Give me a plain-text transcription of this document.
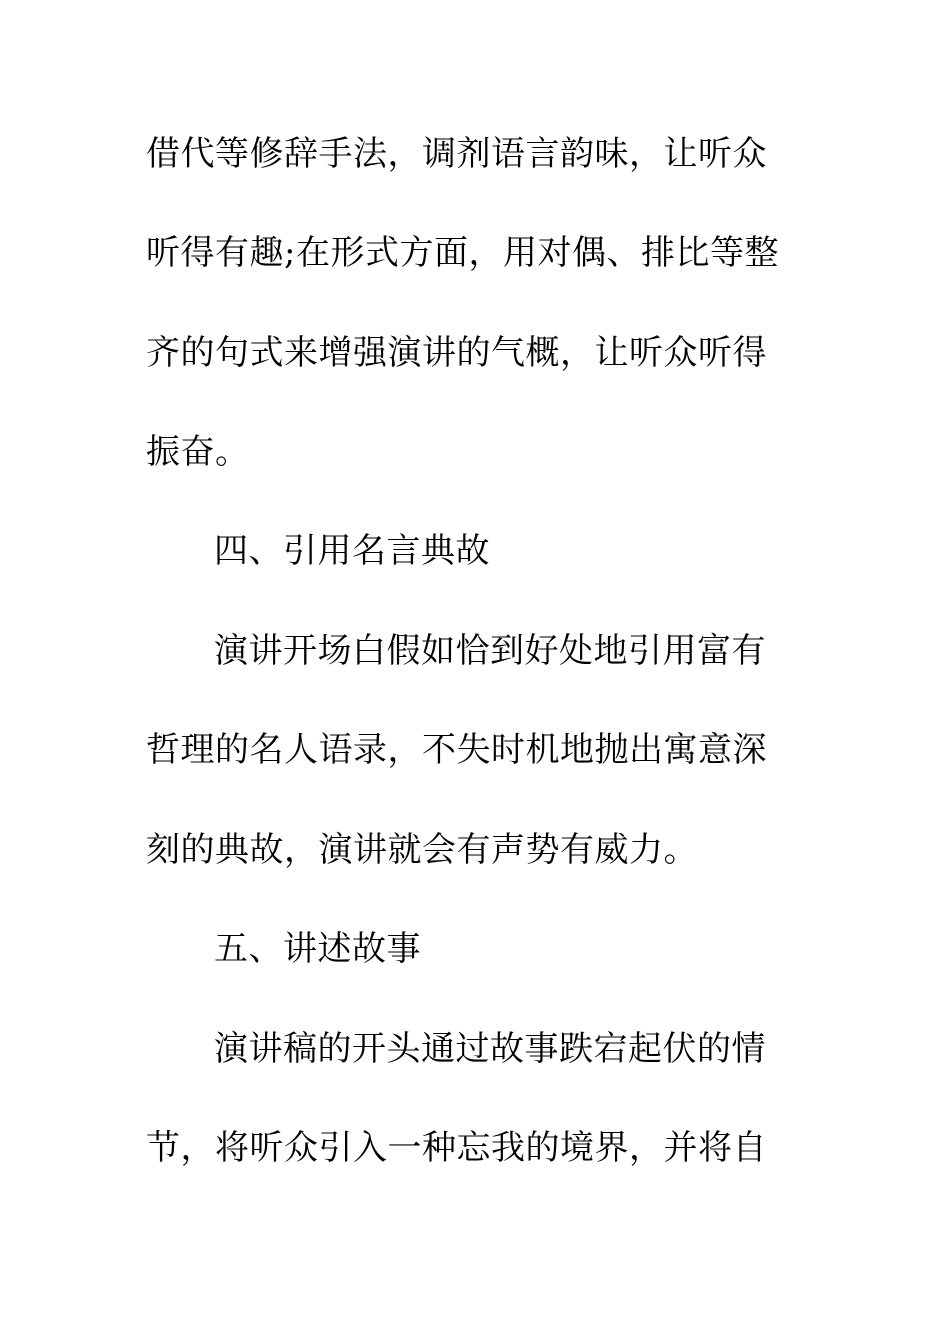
借代等修辞手法，调剂语言韵味，让听众
听得有趣;在形式方面，用对偶、排比等整
齐的句式来增强演讲的气概，让听众听得
振奋。
四、引用名言典故
演讲开场白假如恰到好处地引用富有
哲理的名人语录，不失时机地抛出寓意深
刻的典故，演讲就会有声势有威力。
五、讲述故事
演讲稿的开头通过故事跌宕起伏的情
节，将听众引入一种忘我的境界，并将自
